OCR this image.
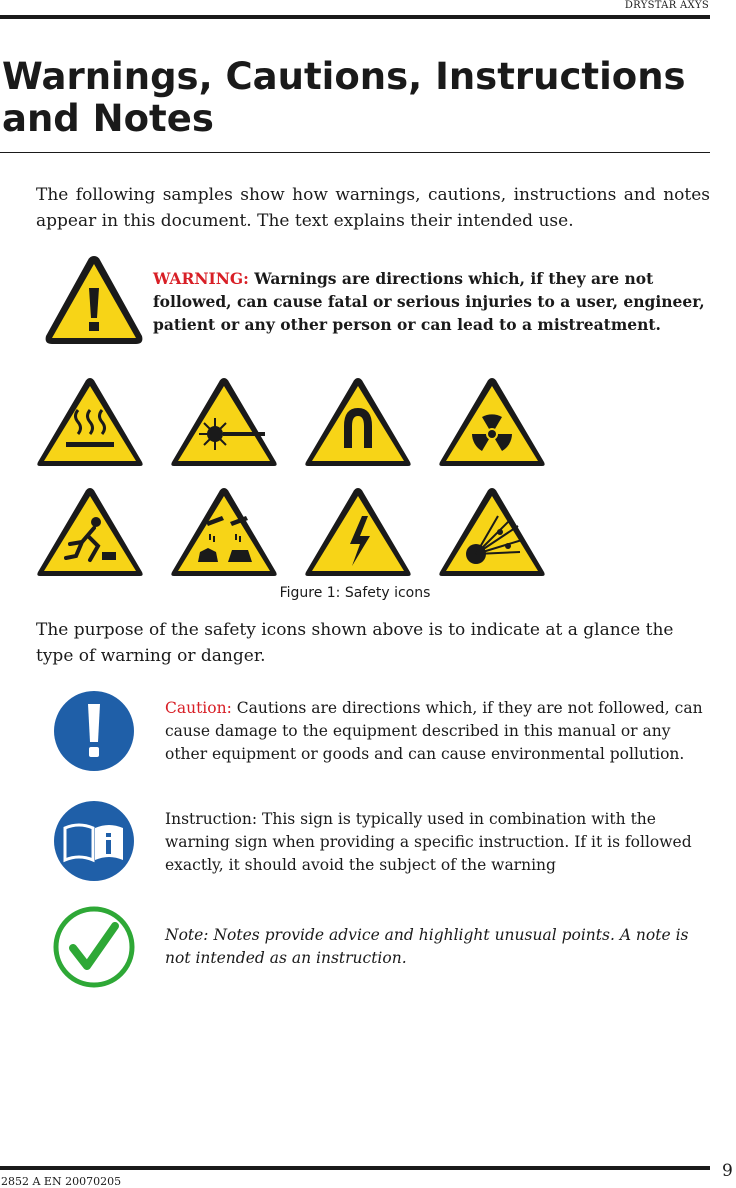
DRYSTAR AXYS
Warnings, Cautions, Instructions and Notes

The following samples show how warnings, cautions, instructions and notes appear in this document. The text explains their intended use.

WARNING: Warnings are directions which, if they are not followed, can cause fatal or serious injuries to a user, engineer, patient or any other person or can lead to a mistreatment.
Figure 1: Safety icons

The purpose of the safety icons shown above is to indicate at a glance the type of warning or danger.

Caution: Cautions are directions which, if they are not followed, can cause damage to the equipment described in this manual or any other equipment or goods and can cause environmental pollution.
Instruction: This sign is typically used in combination with the warning sign when providing a specific instruction. If it is followed exactly, it should avoid the subject of the warning
Note: Notes provide advice and highlight unusual points. A note is not intended as an instruction.
2852 A EN 20070205
9
